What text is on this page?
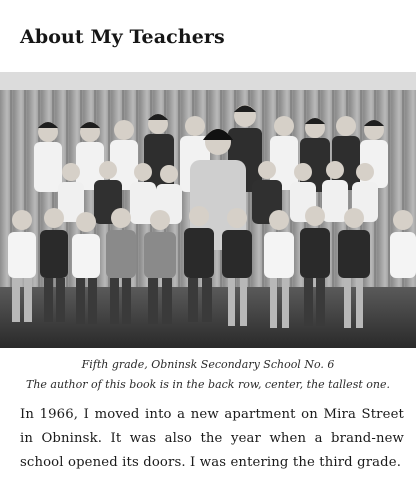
About My Teachers
Fifth grade, Obninsk Secondary School No. 6
The author of this book is in the back row, center, the tallest one.

In 1966, I moved into a new apartment on Mira Street in Obninsk. It was also the year when a brand-new school opened its doors. I was entering the third grade.
